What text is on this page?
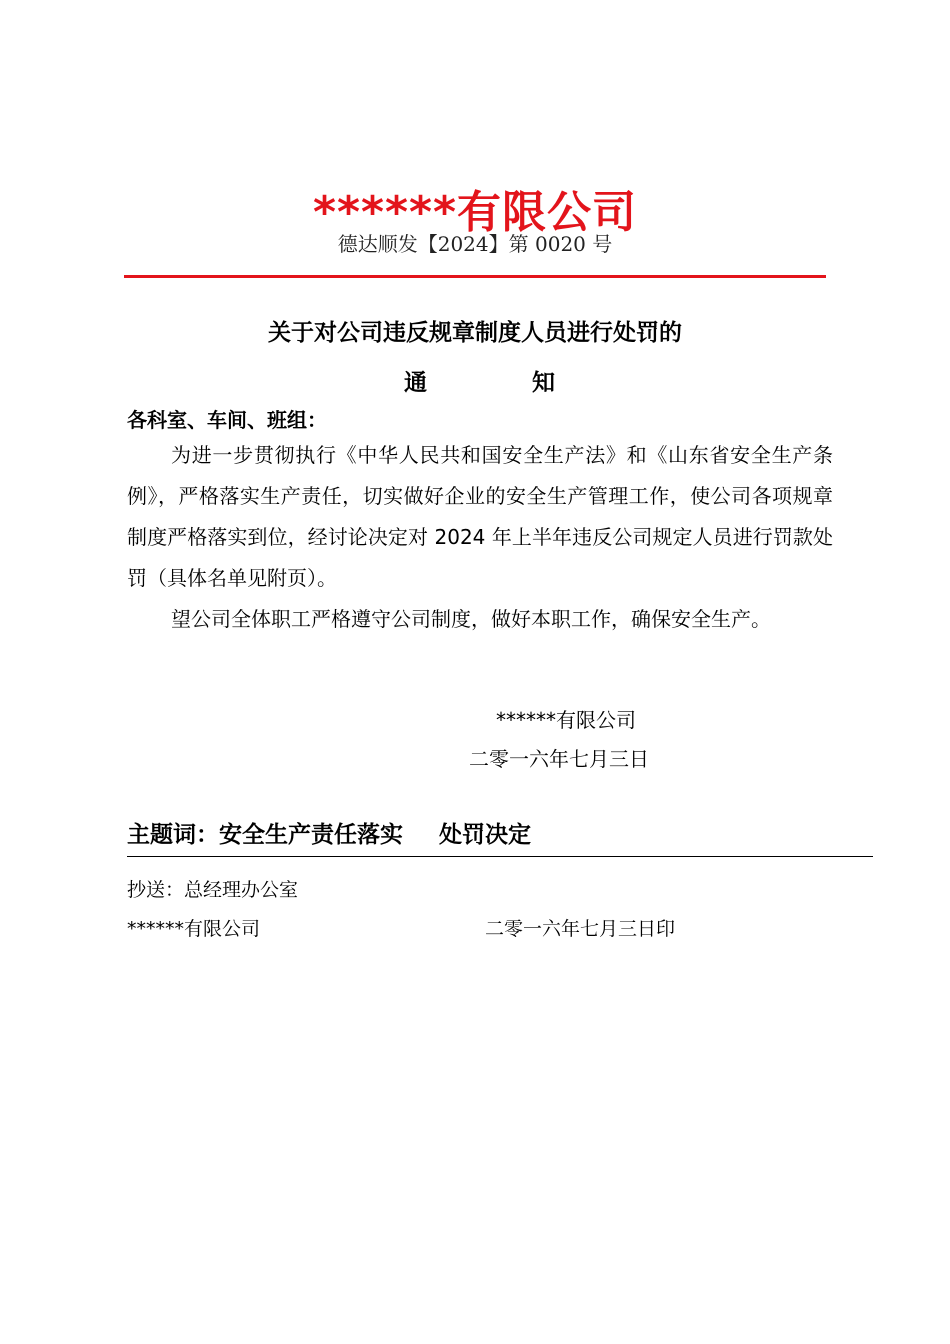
******有限公司
德达顺发【2024】第 0020 号
关于对公司违反规章制度人员进行处罚的
通	知
各科室、车间、班组：
为进一步贯彻执行《中华人民共和国安全生产法》和《山东省安全生产条例》，严格落实生产责任，切实做好企业的安全生产管理工作，使公司各项规章制度严格落实到位，经讨论决定对 2024 年上半年违反公司规定人员进行罚款处罚（具体名单见附页）。
望公司全体职工严格遵守公司制度，做好本职工作，确保安全生产。
******有限公司
二零一六年七月三日
主题词：安全生产责任落实 处罚决定
抄送：总经理办公室
******有限公司	二零一六年七月三日印
